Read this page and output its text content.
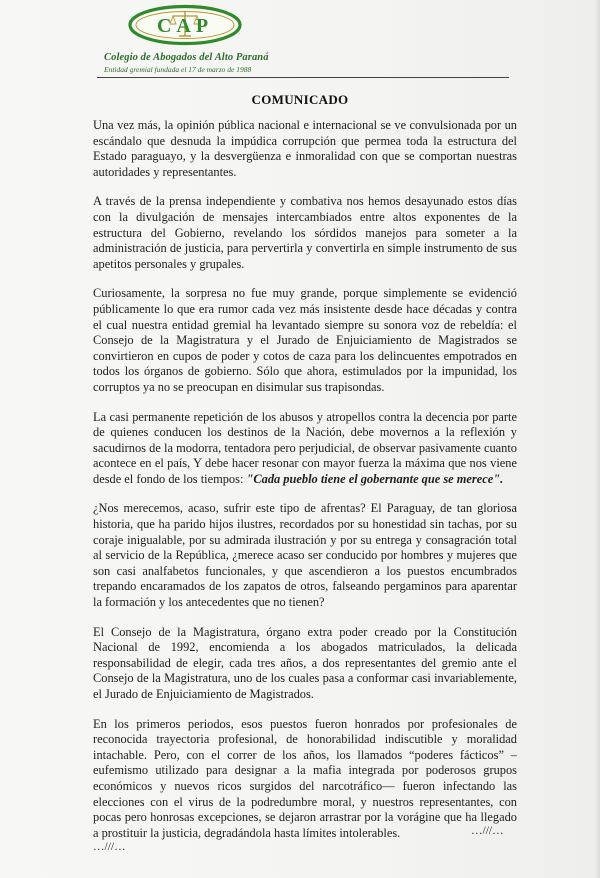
CAP
Colegio de Abogados del Alto Paraná
Entidad gremial fundada el 17 de marzo de 1988
COMUNICADO

Una vez más, la opinión pública nacional e internacional se ve convulsionada por un escándalo que desnuda la impúdica corrupción que permea toda la estructura del Estado paraguayo, y la desvergüenza e inmoralidad con que se comportan nuestras autoridades y representantes.

A través de la prensa independiente y combativa nos hemos desayunado estos días con la divulgación de mensajes intercambiados entre altos exponentes de la estructura del Gobierno, revelando los sórdidos manejos para someter a la administración de justicia, para pervertirla y convertirla en simple instrumento de sus apetitos personales y grupales.

Curiosamente, la sorpresa no fue muy grande, porque simplemente se evidenció públicamente lo que era rumor cada vez más insistente desde hace décadas y contra el cual nuestra entidad gremial ha levantado siempre su sonora voz de rebeldía: el Consejo de la Magistratura y el Jurado de Enjuiciamiento de Magistrados se convirtieron en cupos de poder y cotos de caza para los delincuentes empotrados en todos los órganos de gobierno. Sólo que ahora, estimulados por la impunidad, los corruptos ya no se preocupan en disimular sus trapisondas.

La casi permanente repetición de los abusos y atropellos contra la decencia por parte de quienes conducen los destinos de la Nación, debe movernos a la reflexión y sacudirnos de la modorra, tentadora pero perjudicial, de observar pasivamente cuanto acontece en el país, Y debe hacer resonar con mayor fuerza la máxima que nos viene desde el fondo de los tiempos: "Cada pueblo tiene el gobernante que se merece".

¿Nos merecemos, acaso, sufrir este tipo de afrentas? El Paraguay, de tan gloriosa historia, que ha parido hijos ilustres, recordados por su honestidad sin tachas, por su coraje inigualable, por su admirada ilustración y por su entrega y consagración total al servicio de la República, ¿merece acaso ser conducido por hombres y mujeres que son casi analfabetos funcionales, y que ascendieron a los puestos encumbrados trepando encaramados de los zapatos de otros, falseando pergaminos para aparentar la formación y los antecedentes que no tienen?

El Consejo de la Magistratura, órgano extra poder creado por la Constitución Nacional de 1992, encomienda a los abogados matriculados, la delicada responsabilidad de elegir, cada tres años, a dos representantes del gremio ante el Consejo de la Magistratura, uno de los cuales pasa a conformar casi invariablemente, el Jurado de Enjuiciamiento de Magistrados.

En los primeros periodos, esos puestos fueron honrados por profesionales de reconocida trayectoria profesional, de honorabilidad indiscutible y moralidad intachable. Pero, con el correr de los años, los llamados “poderes fácticos” –eufemismo utilizado para designar a la mafia integrada por poderosos grupos económicos y nuevos ricos surgidos del narcotráfico— fueron infectando las elecciones con el virus de la podredumbre moral, y nuestros representantes, con pocas pero honrosas excepciones, se dejaron arrastrar por la vorágine que ha llegado a prostituir la justicia, degradándola hasta límites intolerables.	…///…
…///…
